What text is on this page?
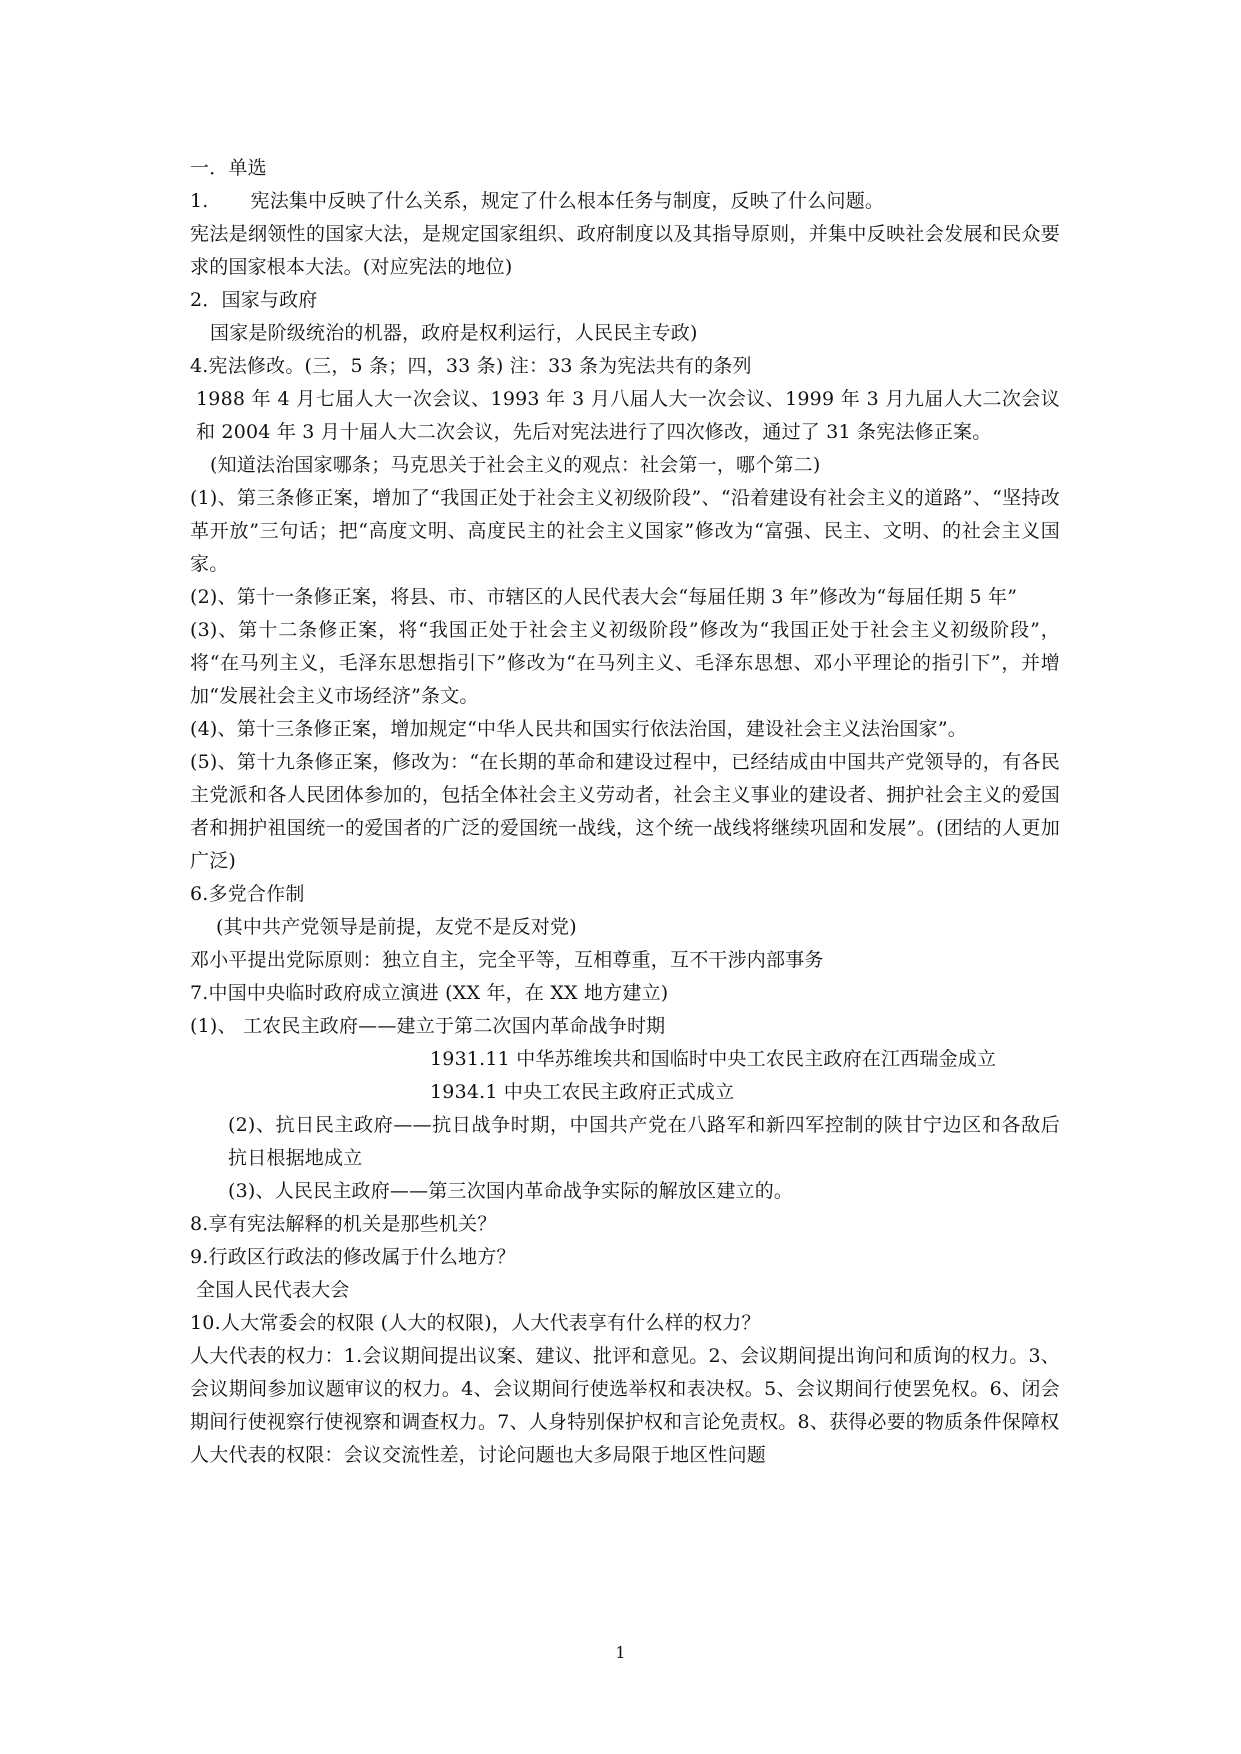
一．单选
1. 宪法集中反映了什么关系，规定了什么根本任务与制度，反映了什么问题。
宪法是纲领性的国家大法，是规定国家组织、政府制度以及其指导原则，并集中反映社会发展和民众要求的国家根本大法。(对应宪法的地位)
2．国家与政府
国家是阶级统治的机器，政府是权利运行，人民民主专政)
4.宪法修改。(三，5 条；四，33 条) 注：33 条为宪法共有的条列
1988 年 4 月七届人大一次会议、1993 年 3 月八届人大一次会议、1999 年 3 月九届人大二次会议和 2004 年 3 月十届人大二次会议，先后对宪法进行了四次修改，通过了 31 条宪法修正案。
(知道法治国家哪条；马克思关于社会主义的观点：社会第一，哪个第二)
(1)、第三条修正案，增加了“我国正处于社会主义初级阶段”、“沿着建设有社会主义的道路”、“坚持改革开放”三句话；把“高度文明、高度民主的社会主义国家”修改为“富强、民主、文明、的社会主义国家。
(2)、第十一条修正案，将县、市、市辖区的人民代表大会“每届任期 3 年”修改为“每届任期 5 年”
(3)、第十二条修正案，将“我国正处于社会主义初级阶段”修改为“我国正处于社会主义初级阶段”，将“在马列主义，毛泽东思想指引下”修改为“在马列主义、毛泽东思想、邓小平理论的指引下”，并增加“发展社会主义市场经济”条文。
(4)、第十三条修正案，增加规定“中华人民共和国实行依法治国，建设社会主义法治国家”。
(5)、第十九条修正案，修改为：“在长期的革命和建设过程中，已经结成由中国共产党领导的，有各民主党派和各人民团体参加的，包括全体社会主义劳动者，社会主义事业的建设者、拥护社会主义的爱国者和拥护祖国统一的爱国者的广泛的爱国统一战线，这个统一战线将继续巩固和发展”。(团结的人更加广泛)
6.多党合作制
(其中共产党领导是前提，友党不是反对党)
邓小平提出党际原则：独立自主，完全平等，互相尊重，互不干涉内部事务
7.中国中央临时政府成立演进 (XX 年，在 XX 地方建立)
(1)、 工农民主政府——建立于第二次国内革命战争时期
1931.11 中华苏维埃共和国临时中央工农民主政府在江西瑞金成立
1934.1 中央工农民主政府正式成立
(2)、抗日民主政府——抗日战争时期，中国共产党在八路军和新四军控制的陕甘宁边区和各敌后抗日根据地成立
(3)、人民民主政府——第三次国内革命战争实际的解放区建立的。
8.享有宪法解释的机关是那些机关？
9.行政区行政法的修改属于什么地方？
全国人民代表大会
10.人大常委会的权限 (人大的权限)，人大代表享有什么样的权力？
人大代表的权力：1.会议期间提出议案、建议、批评和意见。2、会议期间提出询问和质询的权力。3、会议期间参加议题审议的权力。4、会议期间行使选举权和表决权。5、会议期间行使罢免权。6、闭会期间行使视察行使视察和调查权力。7、人身特别保护权和言论免责权。8、获得必要的物质条件保障权
人大代表的权限：会议交流性差，讨论问题也大多局限于地区性问题
1
